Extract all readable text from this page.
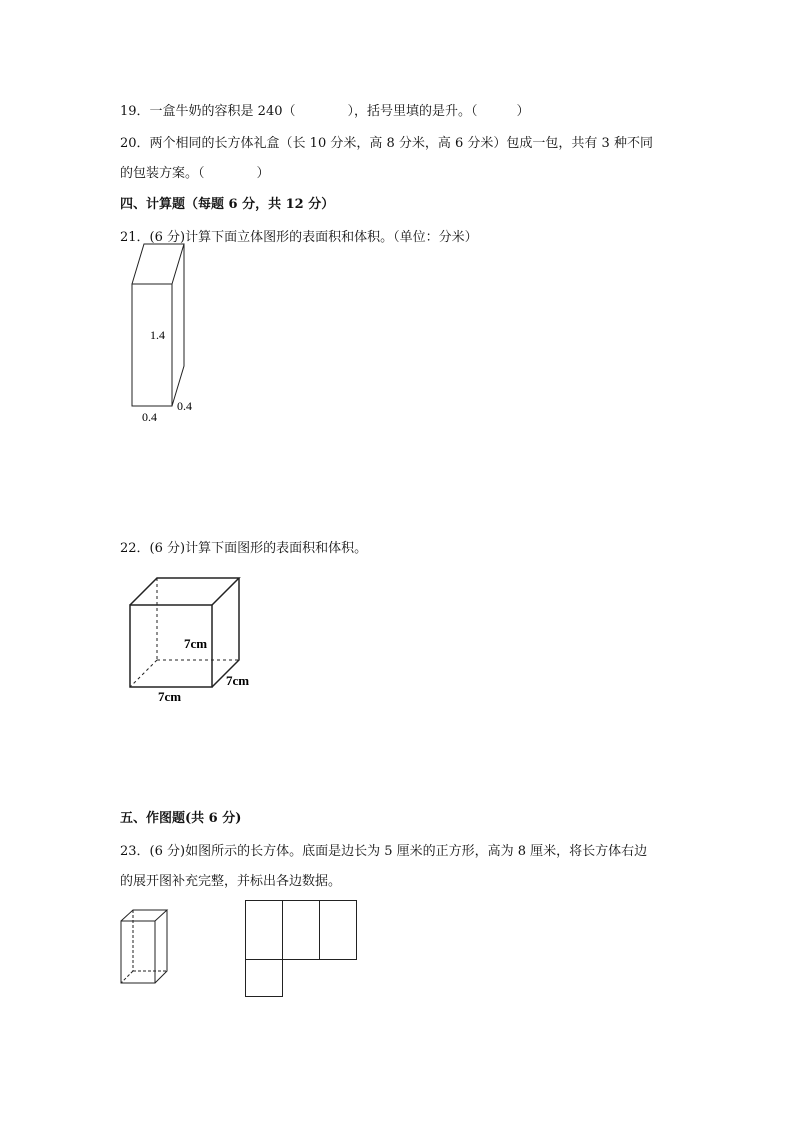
19．一盒牛奶的容积是 240（　　　　），括号里填的是升。（　　　）
20．两个相同的长方体礼盒（长 10 分米，高 8 分米，高 6 分米）包成一包，共有 3 种不同
的包装方案。（　　　　）
四、计算题（每题 6 分，共 12 分）
21．(6 分)计算下面立体图形的表面积和体积。（单位：分米）
1.4
0.4
0.4
22．(6 分)计算下面图形的表面积和体积。
7cm
7cm
7cm
五、作图题(共 6 分)
23．(6 分)如图所示的长方体。底面是边长为 5 厘米的正方形，高为 8 厘米，将长方体右边
的展开图补充完整，并标出各边数据。
